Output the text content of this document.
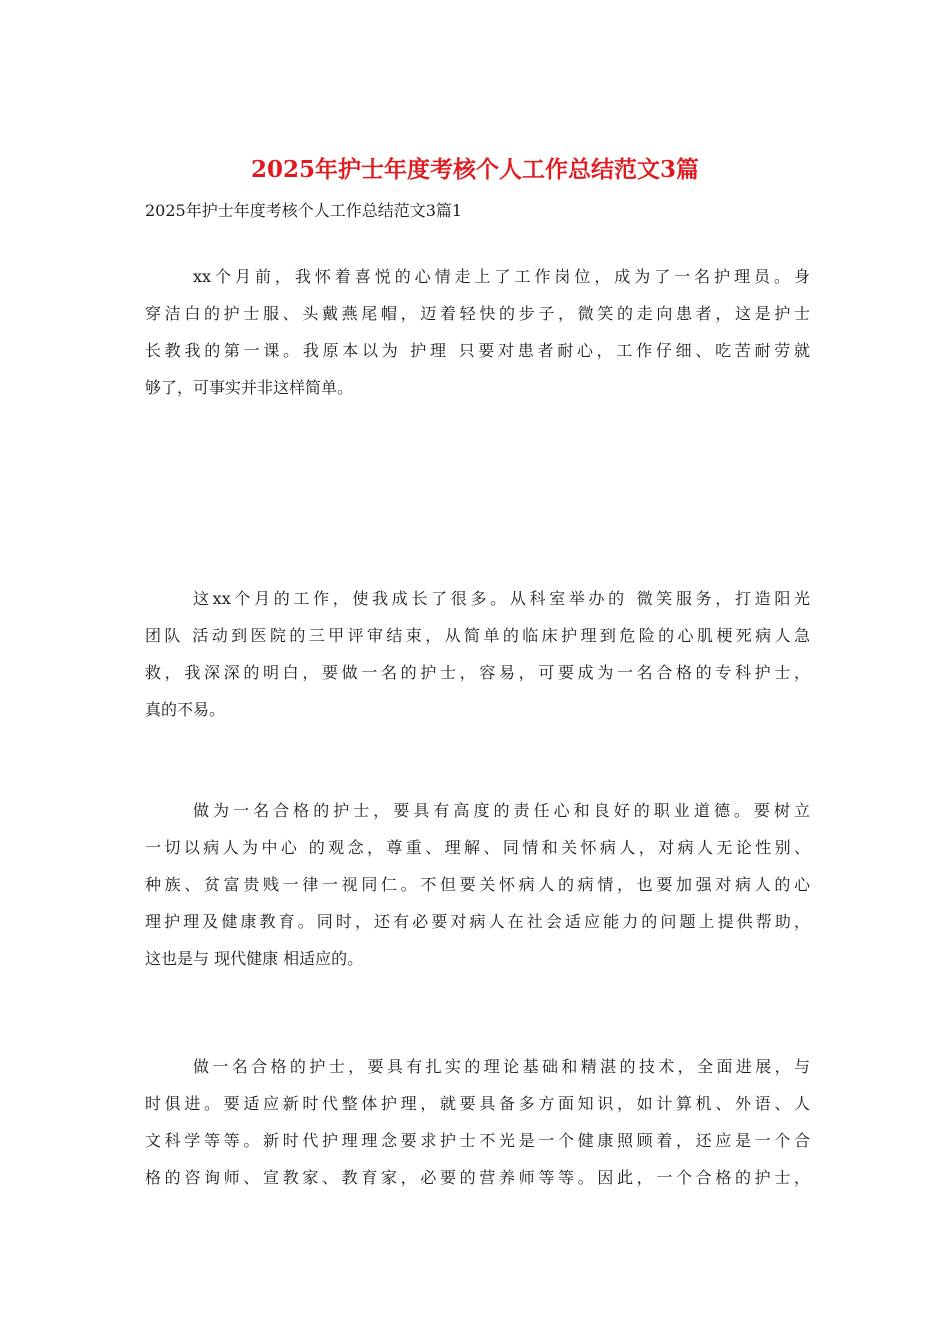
2025年护士年度考核个人工作总结范文3篇
2025年护士年度考核个人工作总结范文3篇1
xx个月前，我怀着喜悦的心情走上了工作岗位，成为了一名护理员。身
穿洁白的护士服、头戴燕尾帽，迈着轻快的步子，微笑的走向患者，这是护士
长教我的第一课。我原本以为 护理 只要对患者耐心，工作仔细、吃苦耐劳就
够了，可事实并非这样简单。
这xx个月的工作，使我成长了很多。从科室举办的 微笑服务，打造阳光
团队 活动到医院的三甲评审结束，从简单的临床护理到危险的心肌梗死病人急
救，我深深的明白，要做一名的护士，容易，可要成为一名合格的专科护士，
真的不易。
做为一名合格的护士，要具有高度的责任心和良好的职业道德。要树立
一切以病人为中心 的观念，尊重、理解、同情和关怀病人，对病人无论性别、
种族、贫富贵贱一律一视同仁。不但要关怀病人的病情，也要加强对病人的心
理护理及健康教育。同时，还有必要对病人在社会适应能力的问题上提供帮助，
这也是与 现代健康 相适应的。
做一名合格的护士，要具有扎实的理论基础和精湛的技术，全面进展，与
时俱进。要适应新时代整体护理，就要具备多方面知识，如计算机、外语、人
文科学等等。新时代护理理念要求护士不光是一个健康照顾着，还应是一个合
格的咨询师、宣教家、教育家，必要的营养师等等。因此，一个合格的护士，
